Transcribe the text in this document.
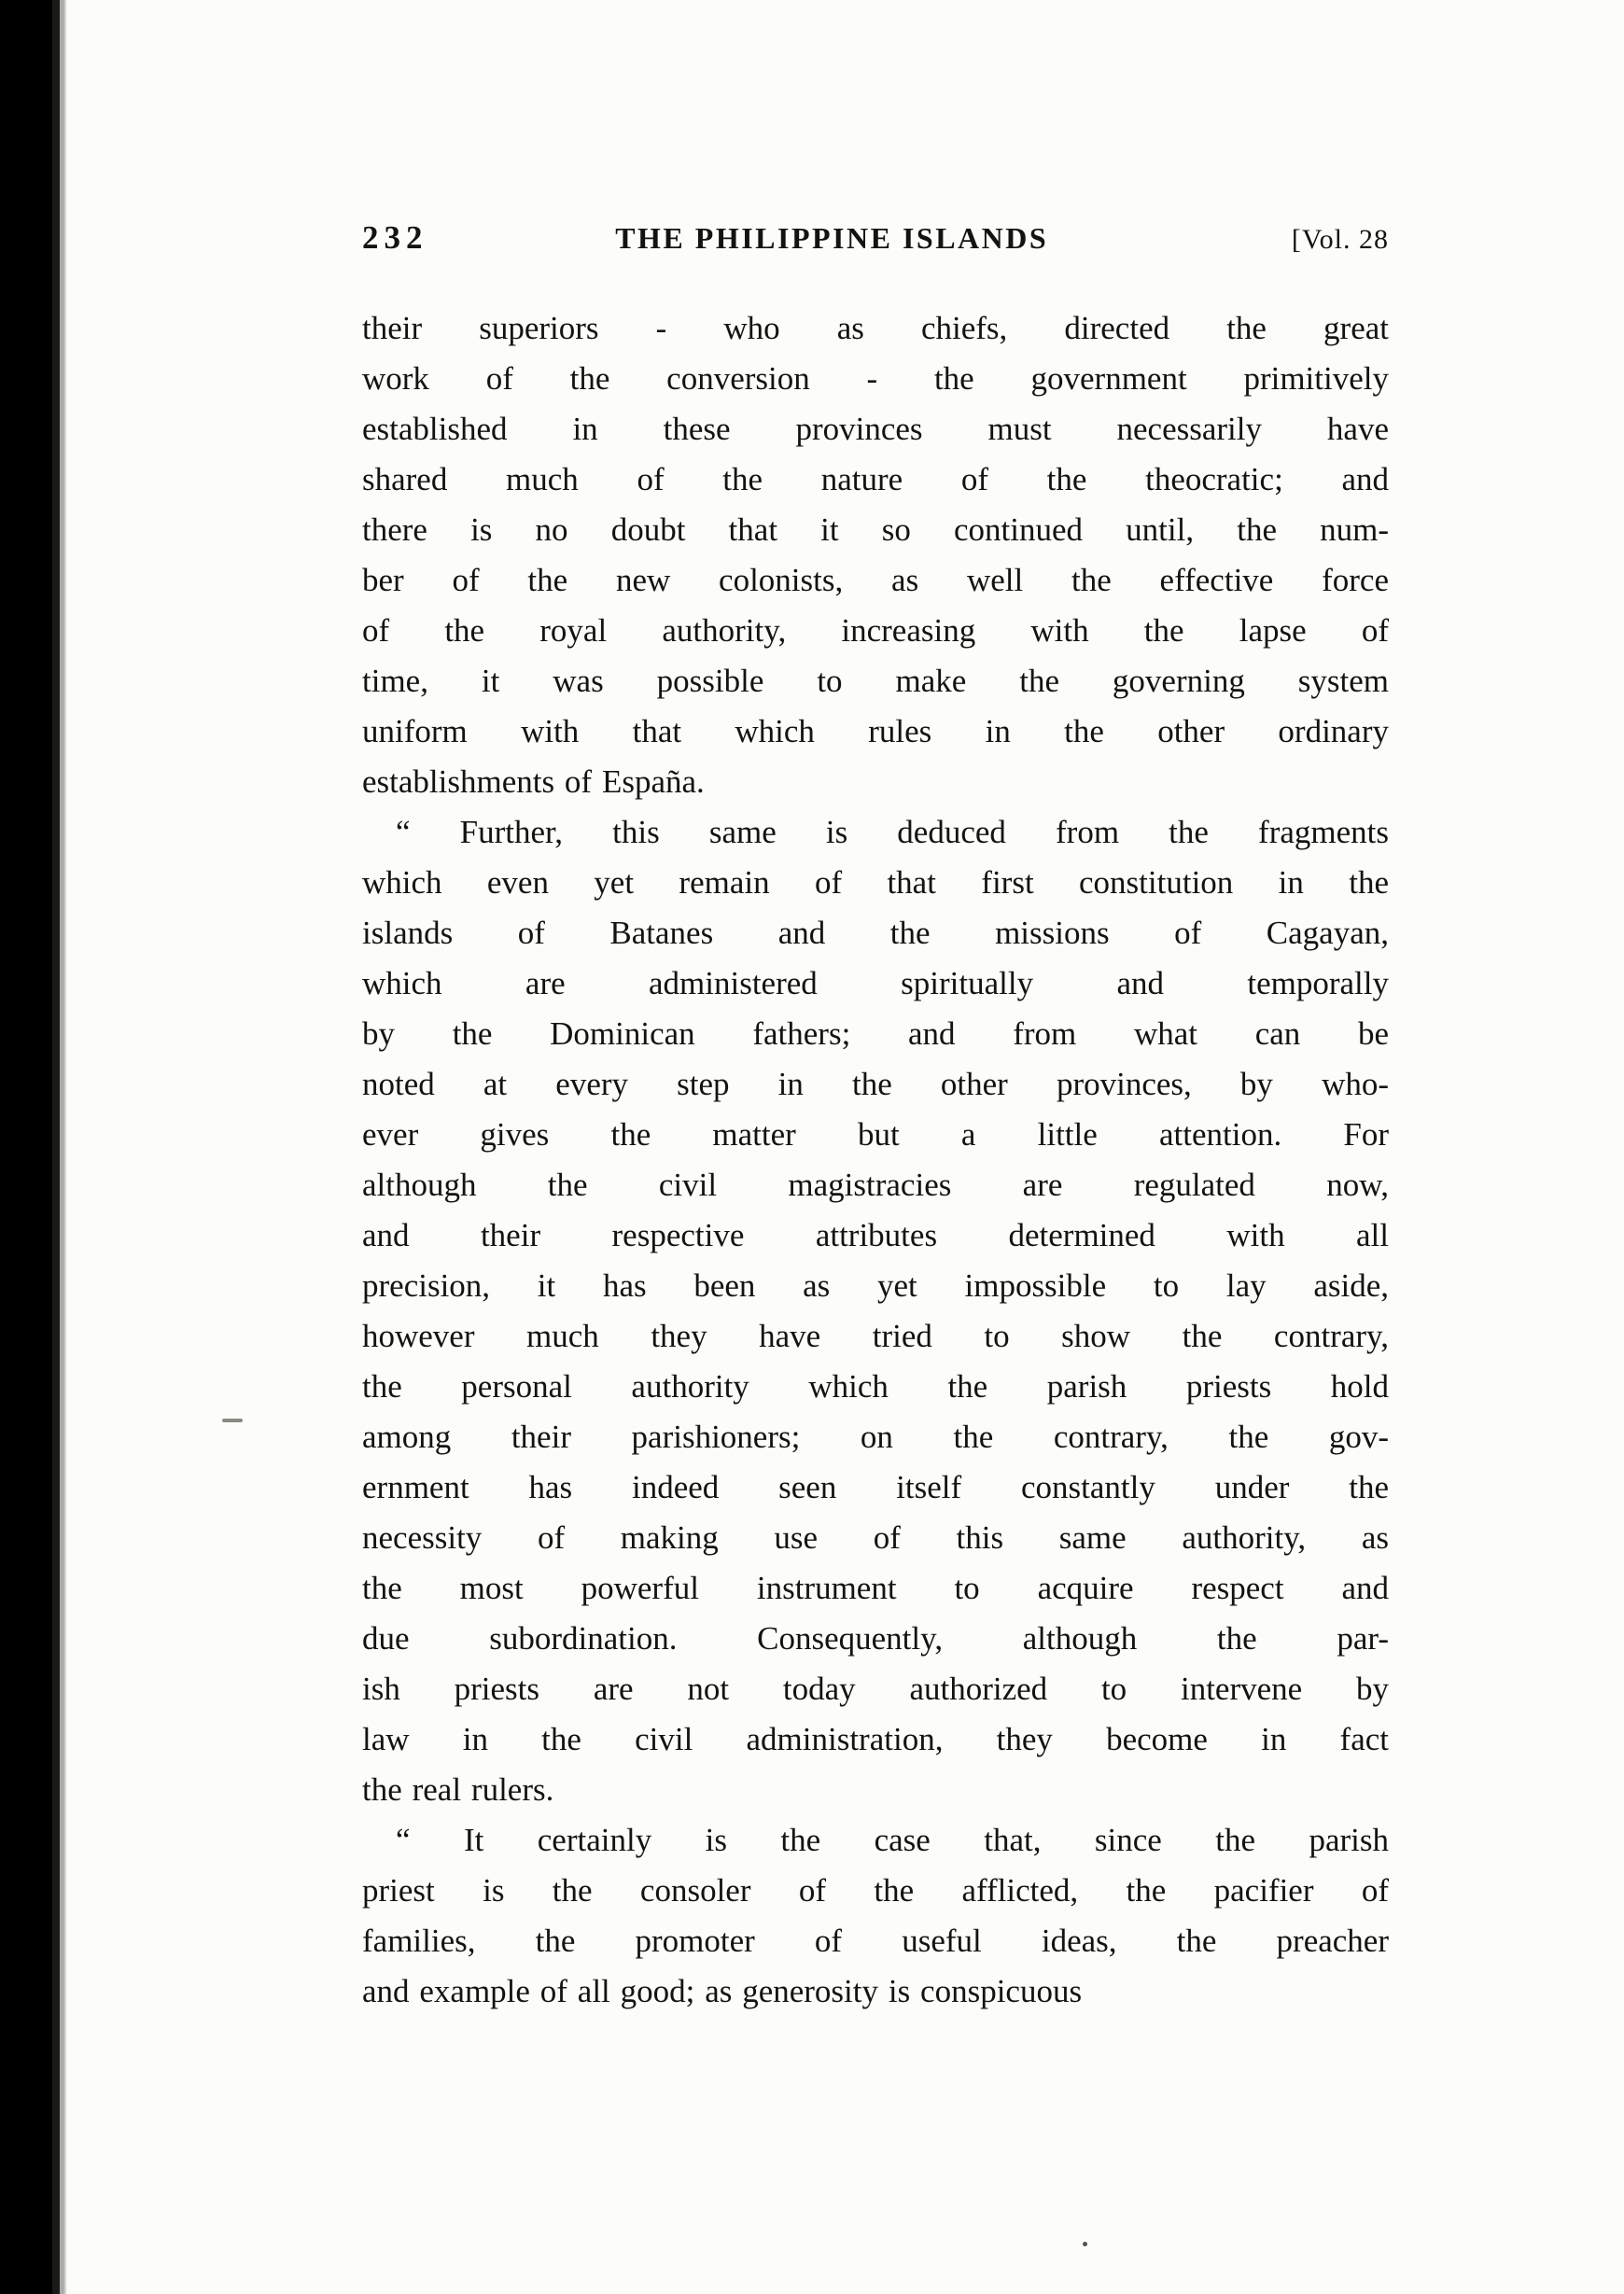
232	THE PHILIPPINE ISLANDS	[Vol. 28
their superiors - who as chiefs, directed the great
work of the conversion - the government primitively
established in these provinces must necessarily have
shared much of the nature of the theocratic; and
there is no doubt that it so continued until, the num-
ber of the new colonists, as well the effective force
of the royal authority, increasing with the lapse of
time, it was possible to make the governing system
uniform with that which rules in the other ordinary
establishments of España.
“ Further, this same is deduced from the fragments
which even yet remain of that first constitution in the
islands of Batanes and the missions of Cagayan,
which are administered spiritually and temporally
by the Dominican fathers; and from what can be
noted at every step in the other provinces, by who-
ever gives the matter but a little attention. For
although the civil magistracies are regulated now,
and their respective attributes determined with all
precision, it has been as yet impossible to lay aside,
however much they have tried to show the contrary,
the personal authority which the parish priests hold
among their parishioners; on the contrary, the gov-
ernment has indeed seen itself constantly under the
necessity of making use of this same authority, as
the most powerful instrument to acquire respect and
due subordination. Consequently, although the par-
ish priests are not today authorized to intervene by
law in the civil administration, they become in fact
the real rulers.
“ It certainly is the case that, since the parish
priest is the consoler of the afflicted, the pacifier of
families, the promoter of useful ideas, the preacher
and example of all good; as generosity is conspicuous
